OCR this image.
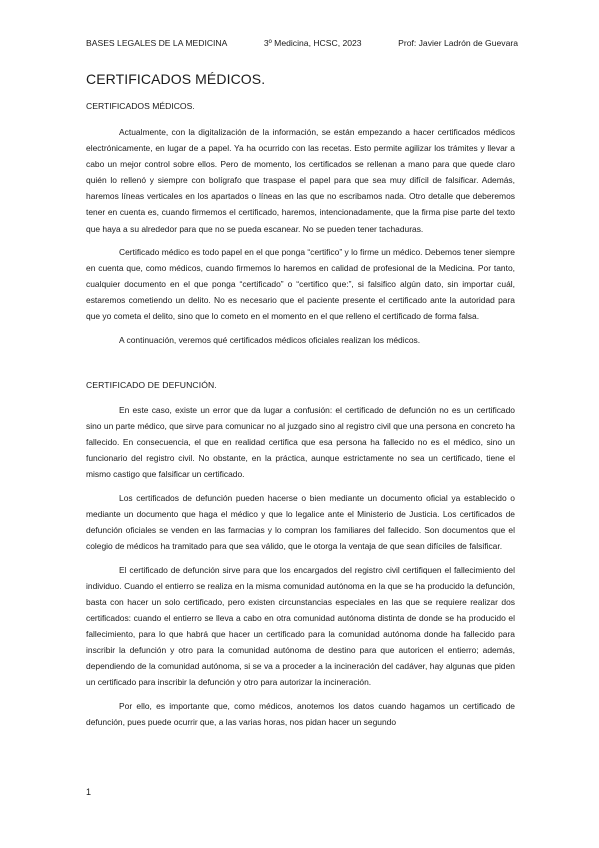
BASES LEGALES DE LA MEDICINA	3º Medicina, HCSC, 2023	Prof: Javier Ladrón de Guevara
CERTIFICADOS MÉDICOS.
CERTIFICADOS MÉDICOS.

Actualmente, con la digitalización de la información, se están empezando a hacer certificados médicos electrónicamente, en lugar de a papel. Ya ha ocurrido con las recetas. Esto permite agilizar los trámites y llevar a cabo un mejor control sobre ellos. Pero de momento, los certificados se rellenan a mano para que quede claro quién lo rellenó y siempre con bolígrafo que traspase el papel para que sea muy difícil de falsificar. Además, haremos líneas verticales en los apartados o líneas en las que no escribamos nada. Otro detalle que deberemos tener en cuenta es, cuando firmemos el certificado, haremos, intencionadamente, que la firma pise parte del texto que haya a su alrededor para que no se pueda escanear. No se pueden tener tachaduras.

Certificado médico es todo papel en el que ponga “certifico” y lo firme un médico. Debemos tener siempre en cuenta que, como médicos, cuando firmemos lo haremos en calidad de profesional de la Medicina. Por tanto, cualquier documento en el que ponga “certificado” o “certifico que:”, si falsifico algún dato, sin importar cuál, estaremos cometiendo un delito. No es necesario que el paciente presente el certificado ante la autoridad para que yo cometa el delito, sino que lo cometo en el momento en el que relleno el certificado de forma falsa.

A continuación, veremos qué certificados médicos oficiales realizan los médicos.

CERTIFICADO DE DEFUNCIÓN.

En este caso, existe un error que da lugar a confusión: el certificado de defunción no es un certificado sino un parte médico, que sirve para comunicar no al juzgado sino al registro civil que una persona en concreto ha fallecido. En consecuencia, el que en realidad certifica que esa persona ha fallecido no es el médico, sino un funcionario del registro civil. No obstante, en la práctica, aunque estrictamente no sea un certificado, tiene el mismo castigo que falsificar un certificado.

Los certificados de defunción pueden hacerse o bien mediante un documento oficial ya establecido o mediante un documento que haga el médico y que lo legalice ante el Ministerio de Justicia. Los certificados de defunción oficiales se venden en las farmacias y lo compran los familiares del fallecido. Son documentos que el colegio de médicos ha tramitado para que sea válido, que le otorga la ventaja de que sean difíciles de falsificar.

El certificado de defunción sirve para que los encargados del registro civil certifiquen el fallecimiento del individuo. Cuando el entierro se realiza en la misma comunidad autónoma en la que se ha producido la defunción, basta con hacer un solo certificado, pero existen circunstancias especiales en las que se requiere realizar dos certificados: cuando el entierro se lleva a cabo en otra comunidad autónoma distinta de donde se ha producido el fallecimiento, para lo que habrá que hacer un certificado para la comunidad autónoma donde ha fallecido para inscribir la defunción y otro para la comunidad autónoma de destino para que autoricen el entierro; además, dependiendo de la comunidad autónoma, si se va a proceder a la incineración del cadáver, hay algunas que piden un certificado para inscribir la defunción y otro para autorizar la incineración.

Por ello, es importante que, como médicos, anotemos los datos cuando hagamos un certificado de defunción, pues puede ocurrir que, a las varias horas, nos pidan hacer un segundo

1
